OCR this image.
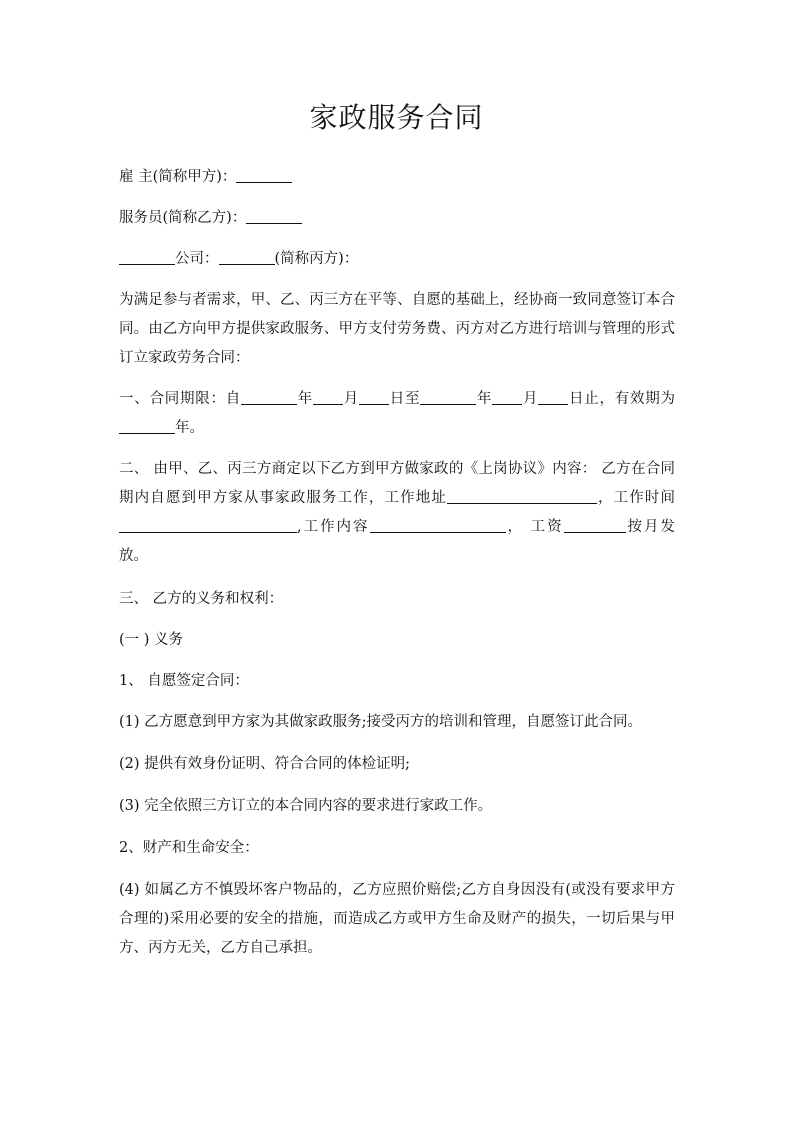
家政服务合同
雇 主(简称甲方)：
服务员(简称乙方)：
公司：	(简称丙方)：
为满足参与者需求，甲、乙、丙三方在平等、自愿的基础上，经协商一致同意签订本合同。由乙方向甲方提供家政服务、甲方支付劳务费、丙方对乙方进行培训与管理的形式订立家政劳务合同：
一、合同期限：自	年 月 日至	年 月 日止，有效期为年。
二、 由甲、乙、丙三方商定以下乙方到甲方做家政的《上岗协议》内容： 乙方在合同期内自愿到甲方家从事家政服务工作，工作地址	，工作时间,工作内容	， 工资	按月发放。
三、 乙方的义务和权利：
(一 ) 义务
1、 自愿签定合同：
(1) 乙方愿意到甲方家为其做家政服务;接受丙方的培训和管理，自愿签订此合同。
(2) 提供有效身份证明、符合合同的体检证明;
(3) 完全依照三方订立的本合同内容的要求进行家政工作。
2、财产和生命安全：
(4) 如属乙方不慎毁坏客户物品的，乙方应照价赔偿;乙方自身因没有(或没有要求甲方合理的)采用必要的安全的措施，而造成乙方或甲方生命及财产的损失，一切后果与甲方、丙方无关，乙方自己承担。
